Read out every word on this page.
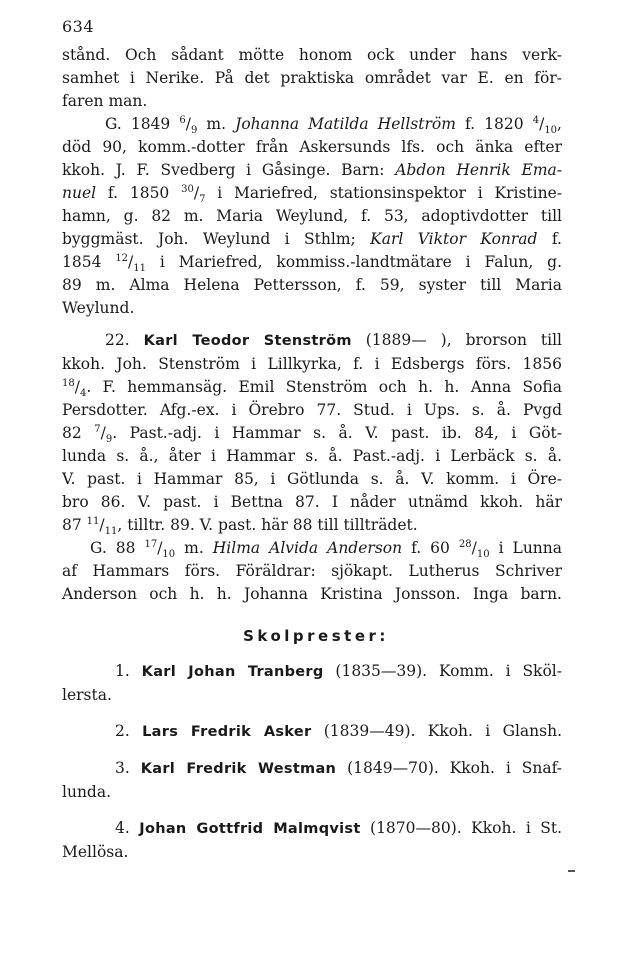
634
stånd. Och sådant mötte honom ock under hans verk-
samhet i Nerike. På det praktiska området var E. en för-
faren man.
G. 1849 $^6/_9$ m. Johanna Matilda Hellström f. 1820 $^4/_{10}$,
död 90, komm.-dotter från Askersunds lfs. och änka efter
kkoh. J. F. Svedberg i Gåsinge. Barn: Abdon Henrik Ema-
nuel f. 1850 $^{30}/_7$ i Mariefred, stationsinspektor i Kristine-
hamn, g. 82 m. Maria Weylund, f. 53, adoptivdotter till
byggmäst. Joh. Weylund i Sthlm; Karl Viktor Konrad f.
1854 $^{12}/_{11}$ i Mariefred, kommiss.-landtmätare i Falun, g.
89 m. Alma Helena Pettersson, f. 59, syster till Maria
Weylund.
22. Karl Teodor Stenström (1889— ), brorson till
kkoh. Joh. Stenström i Lillkyrka, f. i Edsbergs förs. 1856
$^{18}/_4$. F. hemmansäg. Emil Stenström och h. h. Anna Sofia
Persdotter. Afg.-ex. i Örebro 77. Stud. i Ups. s. å. Pvgd
82 $^7/_9$. Past.-adj. i Hammar s. å. V. past. ib. 84, i Göt-
lunda s. å., åter i Hammar s. å. Past.-adj. i Lerbäck s. å.
V. past. i Hammar 85, i Götlunda s. å. V. komm. i Öre-
bro 86. V. past. i Bettna 87. I nåder utnämd kkoh. här
87 $^{11}/_{11}$, tilltr. 89. V. past. här 88 till tillträdet.
G. 88 $^{17}/_{10}$ m. Hilma Alvida Anderson f. 60 $^{28}/_{10}$ i Lunna
af Hammars förs. Föräldrar: sjökapt. Lutherus Schriver
Anderson och h. h. Johanna Kristina Jonsson. Inga barn.
Skolprester:
1. Karl Johan Tranberg (1835—39). Komm. i Sköl-
lersta.
2. Lars Fredrik Asker (1839—49). Kkoh. i Glansh.
3. Karl Fredrik Westman (1849—70). Kkoh. i Snaf-
lunda.
4. Johan Gottfrid Malmqvist (1870—80). Kkoh. i St.
Mellösa.
